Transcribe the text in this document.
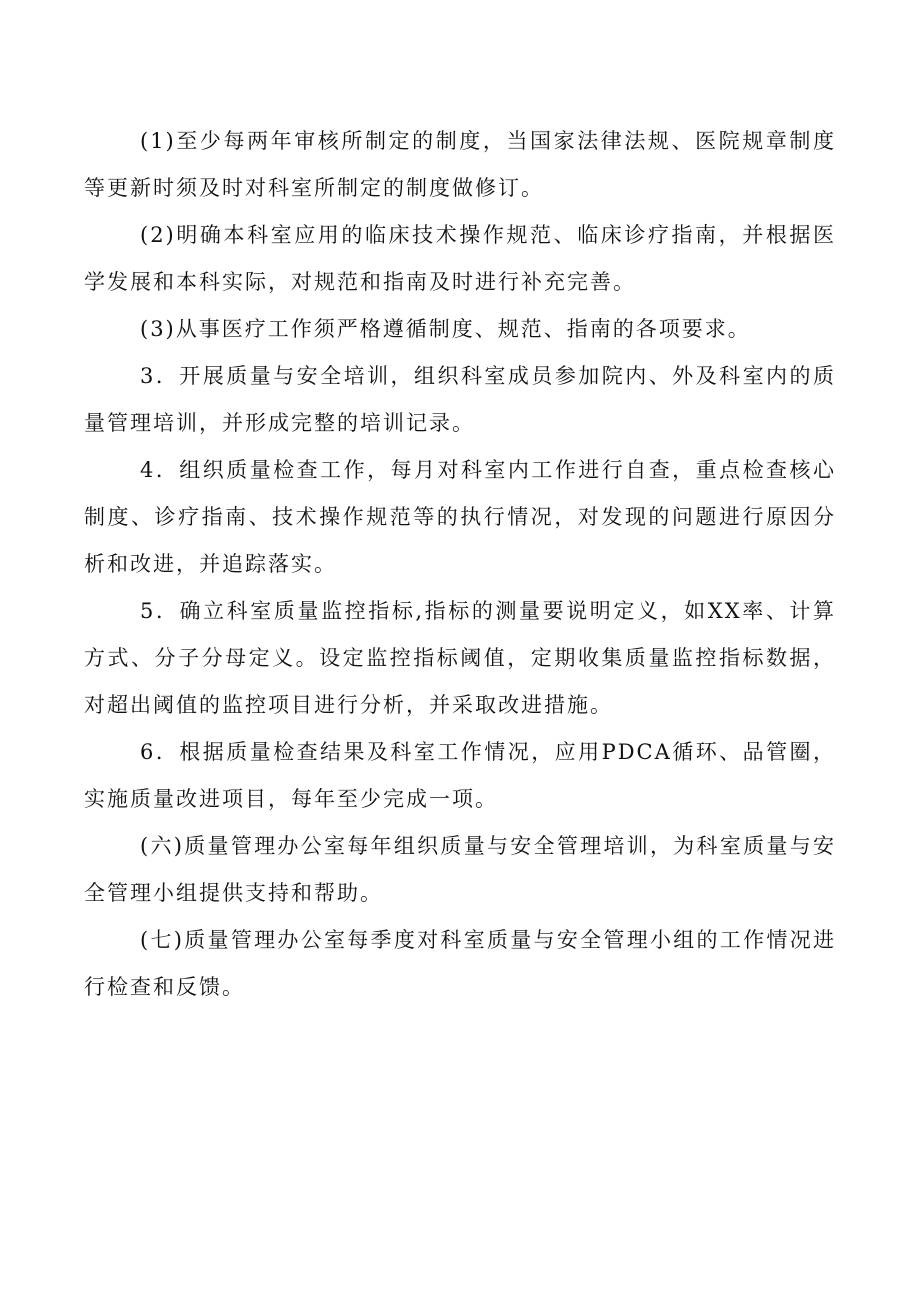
(1)至少每两年审核所制定的制度，当国家法律法规、医院规章制度等更新时须及时对科室所制定的制度做修订。

(2)明确本科室应用的临床技术操作规范、临床诊疗指南，并根据医学发展和本科实际，对规范和指南及时进行补充完善。

(3)从事医疗工作须严格遵循制度、规范、指南的各项要求。

3．开展质量与安全培训，组织科室成员参加院内、外及科室内的质量管理培训，并形成完整的培训记录。

4．组织质量检查工作，每月对科室内工作进行自查，重点检查核心制度、诊疗指南、技术操作规范等的执行情况，对发现的问题进行原因分析和改进，并追踪落实。

5．确立科室质量监控指标,指标的测量要说明定义，如XX率、计算方式、分子分母定义。设定监控指标阈值，定期收集质量监控指标数据，对超出阈值的监控项目进行分析，并采取改进措施。

6．根据质量检查结果及科室工作情况，应用PDCA循环、品管圈，实施质量改进项目，每年至少完成一项。

(六)质量管理办公室每年组织质量与安全管理培训，为科室质量与安全管理小组提供支持和帮助。

(七)质量管理办公室每季度对科室质量与安全管理小组的工作情况进行检查和反馈。
